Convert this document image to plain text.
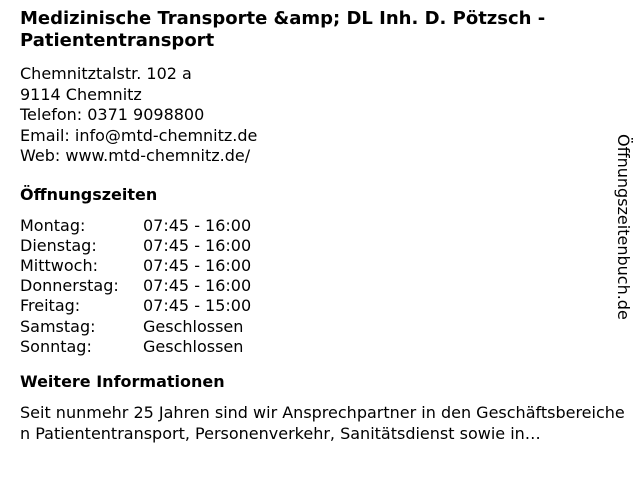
Medizinische Transporte &amp; DL Inh. D. Pötzsch - Patiententransport
Chemnitztalstr. 102 a
9114 Chemnitz
Telefon: 0371 9098800
Email: info@mtd-chemnitz.de
Web: www.mtd-chemnitz.de/
Öffnungszeiten
Montag:	07:45 - 16:00
Dienstag:	07:45 - 16:00
Mittwoch:	07:45 - 16:00
Donnerstag:	07:45 - 16:00
Freitag:	07:45 - 15:00
Samstag:	Geschlossen
Sonntag:	Geschlossen
Weitere Informationen
Seit nunmehr 25 Jahren sind wir Ansprechpartner in den Geschäftsbereichen Patiententransport, Personenverkehr, Sanitätsdienst sowie in…
Öffnungszeitenbuch.de
